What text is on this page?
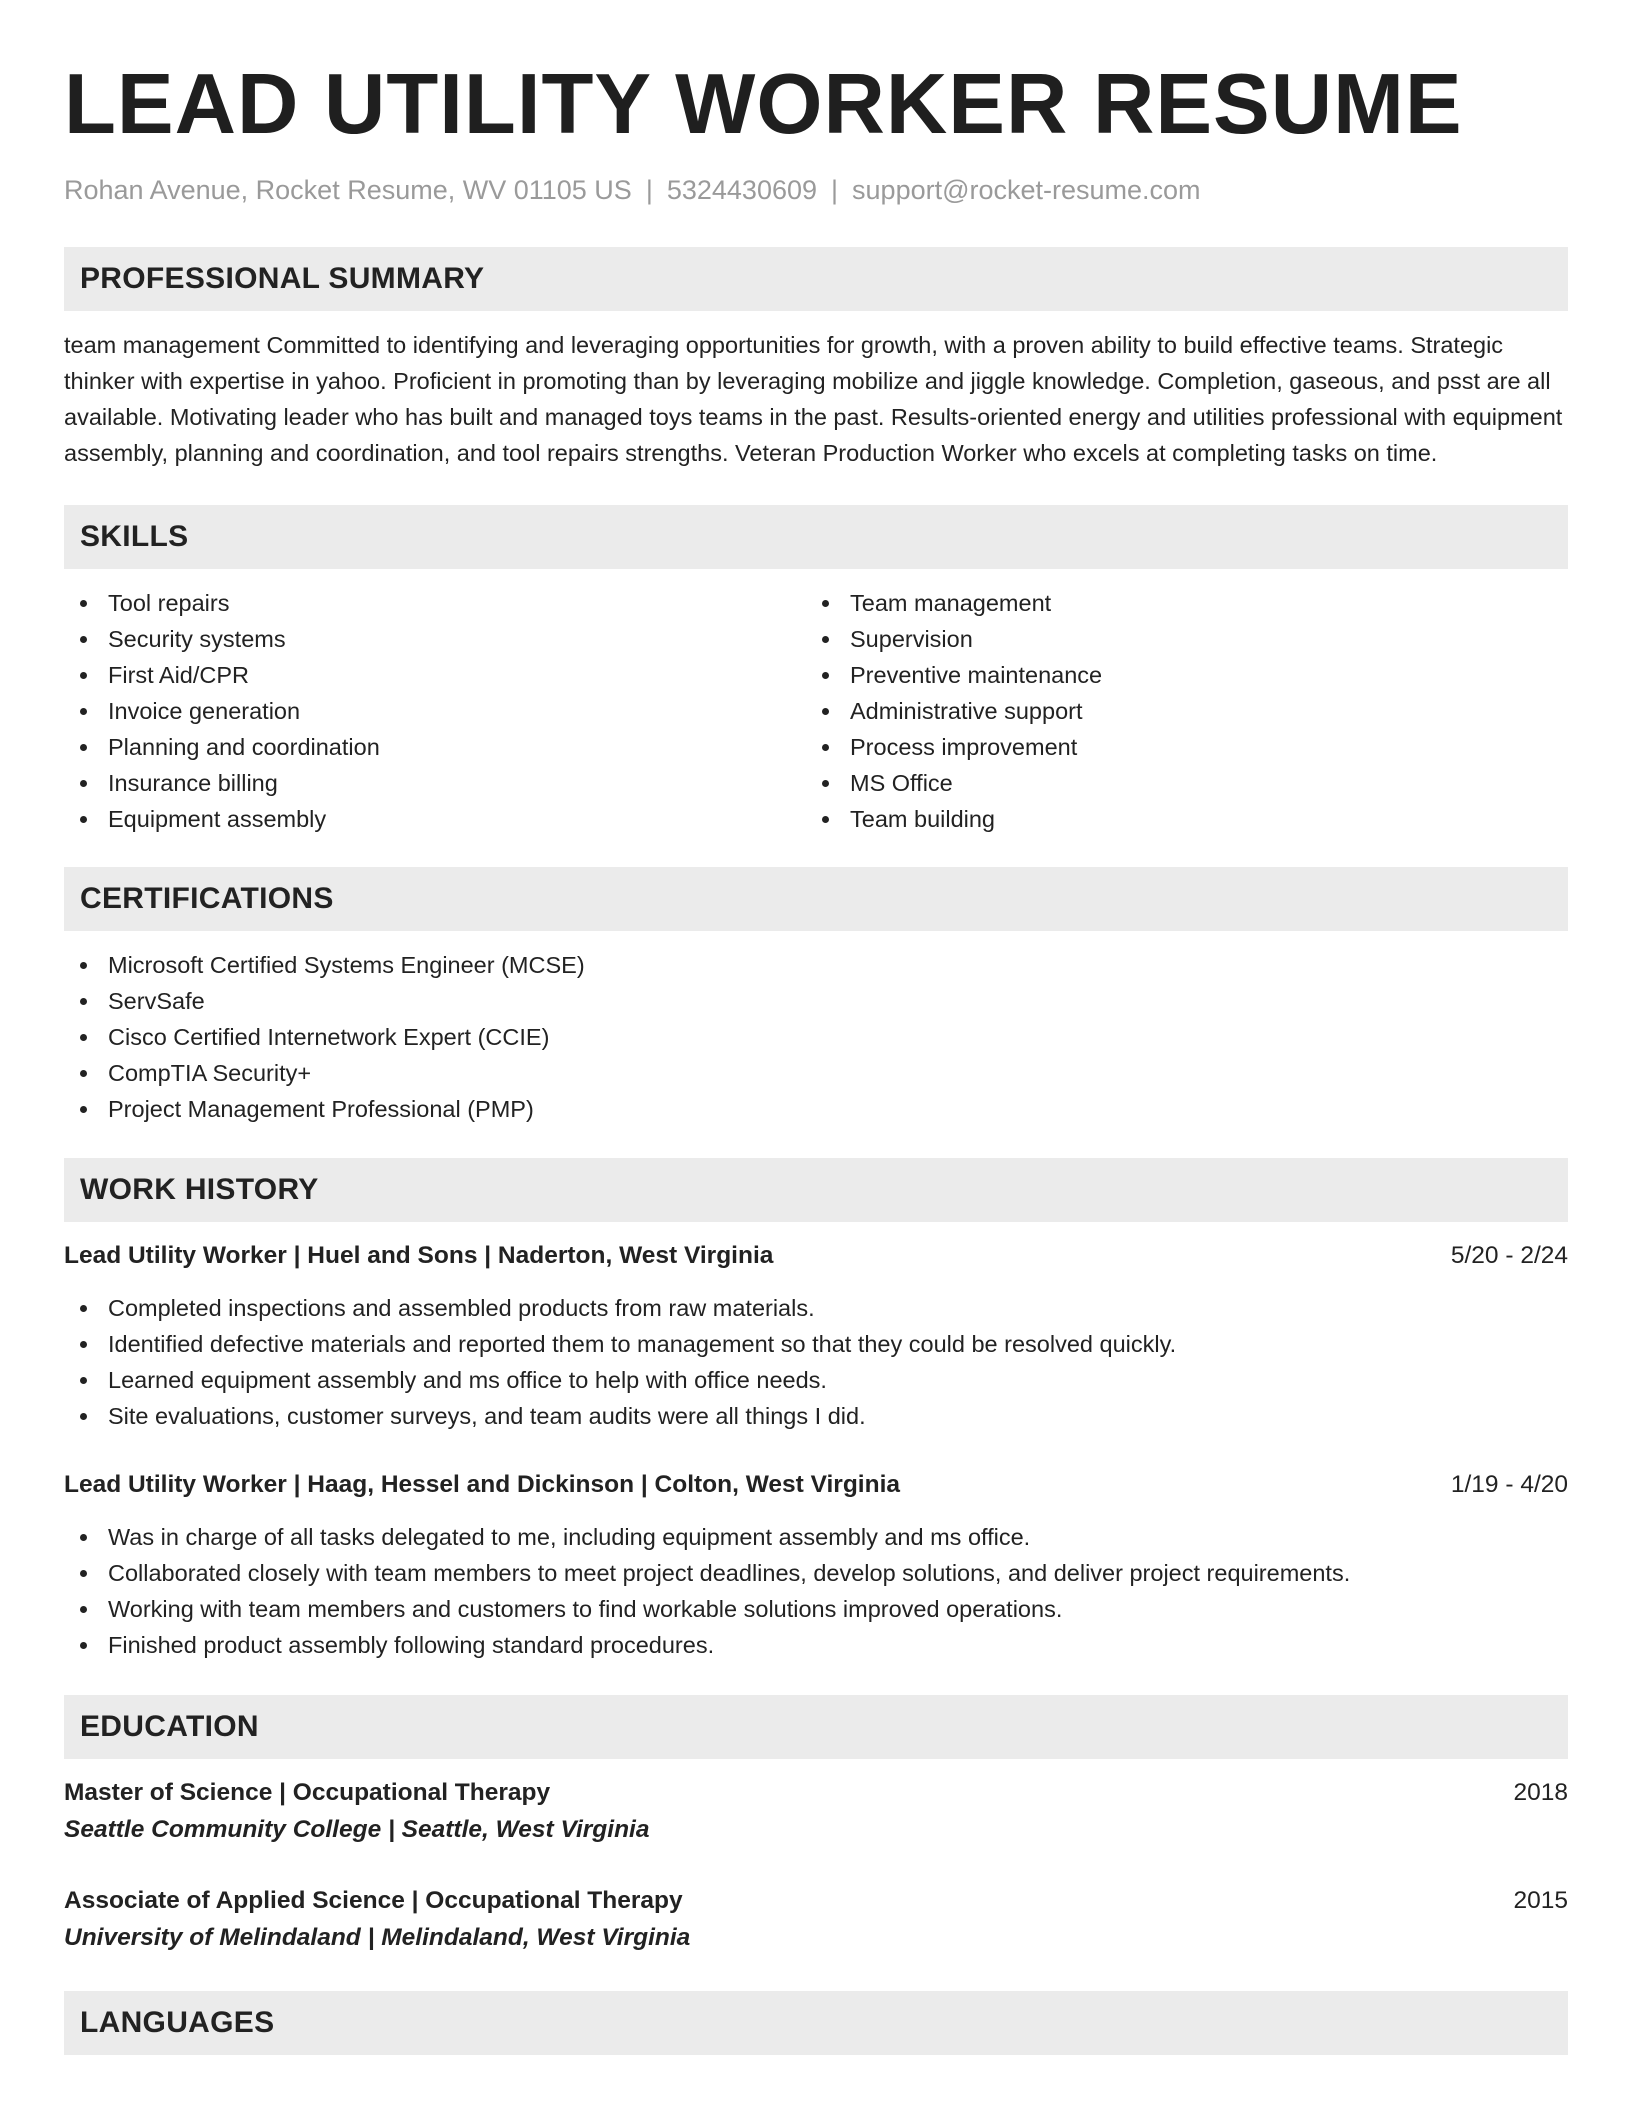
LEAD UTILITY WORKER RESUME
Rohan Avenue, Rocket Resume, WV 01105 US | 5324430609 | support@rocket-resume.com
PROFESSIONAL SUMMARY

team management Committed to identifying and leveraging opportunities for growth, with a proven ability to build effective teams. Strategic thinker with expertise in yahoo. Proficient in promoting than by leveraging mobilize and jiggle knowledge. Completion, gaseous, and psst are all available. Motivating leader who has built and managed toys teams in the past. Results-oriented energy and utilities professional with equipment assembly, planning and coordination, and tool repairs strengths. Veteran Production Worker who excels at completing tasks on time.

SKILLS
Tool repairs
Security systems
First Aid/CPR
Invoice generation
Planning and coordination
Insurance billing
Equipment assembly
Team management
Supervision
Preventive maintenance
Administrative support
Process improvement
MS Office
Team building
CERTIFICATIONS
Microsoft Certified Systems Engineer (MCSE)
ServSafe
Cisco Certified Internetwork Expert (CCIE)
CompTIA Security+
Project Management Professional (PMP)
WORK HISTORY
Lead Utility Worker | Huel and Sons | Naderton, West Virginia	5/20 - 2/24
Completed inspections and assembled products from raw materials.
Identified defective materials and reported them to management so that they could be resolved quickly.
Learned equipment assembly and ms office to help with office needs.
Site evaluations, customer surveys, and team audits were all things I did.
Lead Utility Worker | Haag, Hessel and Dickinson | Colton, West Virginia	1/19 - 4/20
Was in charge of all tasks delegated to me, including equipment assembly and ms office.
Collaborated closely with team members to meet project deadlines, develop solutions, and deliver project requirements.
Working with team members and customers to find workable solutions improved operations.
Finished product assembly following standard procedures.
EDUCATION
Master of Science | Occupational Therapy	2018
Seattle Community College | Seattle, West Virginia
Associate of Applied Science | Occupational Therapy	2015
University of Melindaland | Melindaland, West Virginia
LANGUAGES
